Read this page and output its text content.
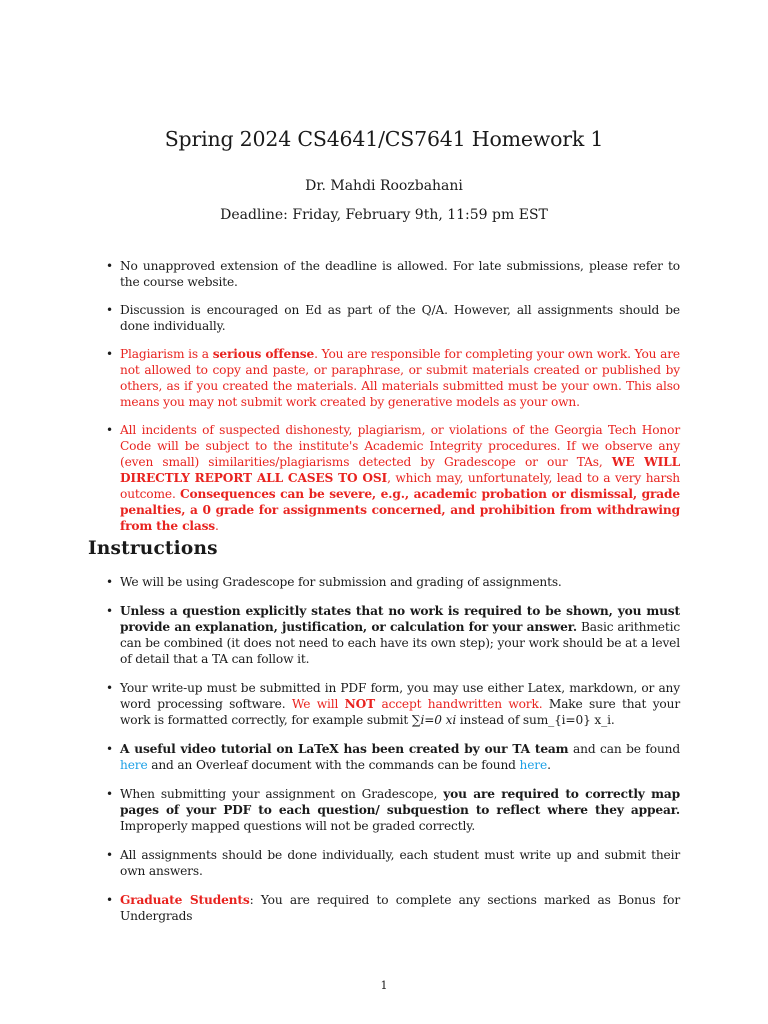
Spring 2024 CS4641/CS7641 Homework 1
Dr. Mahdi Roozbahani
Deadline: Friday, February 9th, 11:59 pm EST
• No unapproved extension of the deadline is allowed. For late submissions, please refer to the course website.
• Discussion is encouraged on Ed as part of the Q/A. However, all assignments should be done individually.
• Plagiarism is a serious offense. You are responsible for completing your own work. You are not allowed to copy and paste, or paraphrase, or submit materials created or published by others, as if you created the materials. All materials submitted must be your own. This also means you may not submit work created by generative models as your own.
• All incidents of suspected dishonesty, plagiarism, or violations of the Georgia Tech Honor Code will be subject to the institute's Academic Integrity procedures. If we observe any (even small) similarities/plagiarisms detected by Gradescope or our TAs, WE WILL DIRECTLY REPORT ALL CASES TO OSI, which may, unfortunately, lead to a very harsh outcome. Consequences can be severe, e.g., academic probation or dismissal, grade penalties, a 0 grade for assignments concerned, and prohibition from withdrawing from the class.
Instructions
• We will be using Gradescope for submission and grading of assignments.
• Unless a question explicitly states that no work is required to be shown, you must provide an explanation, justification, or calculation for your answer. Basic arithmetic can be combined (it does not need to each have its own step); your work should be at a level of detail that a TA can follow it.
• Your write-up must be submitted in PDF form, you may use either Latex, markdown, or any word processing software. We will NOT accept handwritten work. Make sure that your work is formatted correctly, for example submit ∑i=0 xi instead of sum_{i=0} x_i.
• A useful video tutorial on LaTeX has been created by our TA team and can be found here and an Overleaf document with the commands can be found here.
• When submitting your assignment on Gradescope, you are required to correctly map pages of your PDF to each question/ subquestion to reflect where they appear. Improperly mapped questions will not be graded correctly.
• All assignments should be done individually, each student must write up and submit their own answers.
• Graduate Students: You are required to complete any sections marked as Bonus for Undergrads
1
